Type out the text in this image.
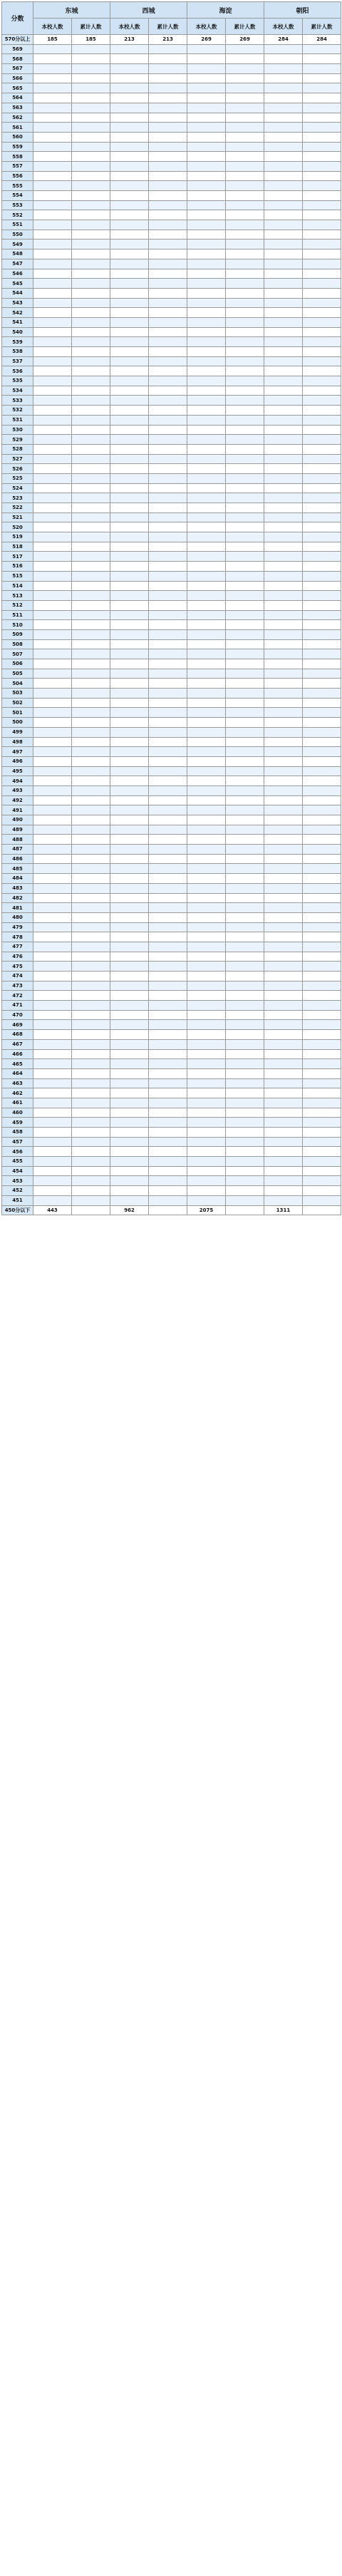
分数	东城		西城		海淀		朝阳	
	本校人数	累计人数	本校人数	累计人数	本校人数	累计人数	本校人数	累计人数
570分以上	185	185	213	213	269	269	284	284
569								
568								
567								
566								
565								
564								
563								
562								
561								
560								
559								
558								
557								
556								
555								
554								
553								
552								
551								
550								
549								
548								
547								
546								
545								
544								
543								
542								
541								
540								
539								
538								
537								
536								
535								
534								
533								
532								
531								
530								
529								
528								
527								
526								
525								
524								
523								
522								
521								
520								
519								
518								
517								
516								
515								
514								
513								
512								
511								
510								
509								
508								
507								
506								
505								
504								
503								
502								
501								
500								
499								
498								
497								
496								
495								
494								
493								
492								
491								
490								
489								
488								
487								
486								
485								
484								
483								
482								
481								
480								
479								
478								
477								
476								
475								
474								
473								
472								
471								
470								
469								
468								
467								
466								
465								
464								
463								
462								
461								
460								
459								
458								
457								
456								
455								
454								
453								
452								
451								
450分以下	443		962		2075		1311	
